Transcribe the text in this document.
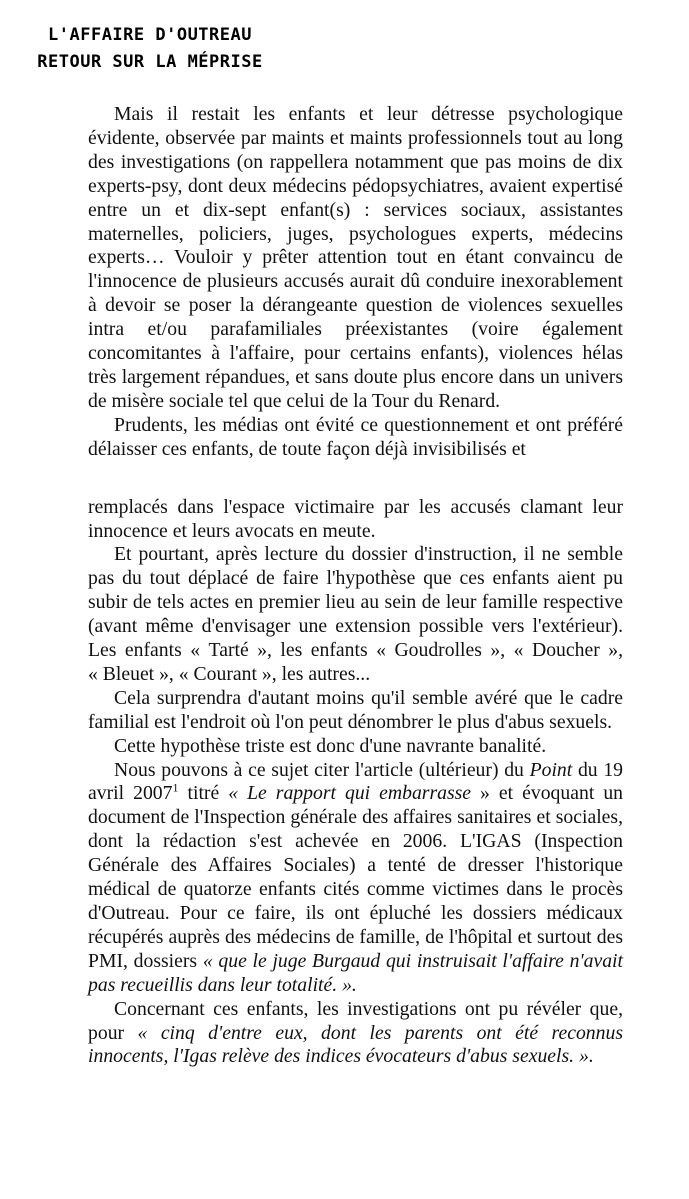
L'AFFAIRE D'OUTREAU
RETOUR SUR LA MÉPRISE

Mais il restait les enfants et leur détresse psychologique évidente, observée par maints et maints professionnels tout au long des investigations (on rappellera notamment que pas moins de dix experts-psy, dont deux médecins pédopsychiatres, avaient expertisé entre un et dix-sept enfant(s) : services sociaux, assistantes maternelles, policiers, juges, psychologues experts, médecins experts… Vouloir y prêter attention tout en étant convaincu de l'innocence de plusieurs accusés aurait dû conduire inexorablement à devoir se poser la dérangeante question de violences sexuelles intra et/ou parafamiliales préexistantes (voire également concomitantes à l'affaire, pour certains enfants), violences hélas très largement répandues, et sans doute plus encore dans un univers de misère sociale tel que celui de la Tour du Renard.

Prudents, les médias ont évité ce questionnement et ont préféré délaisser ces enfants, de toute façon déjà invisibilisés et

remplacés dans l'espace victimaire par les accusés clamant leur innocence et leurs avocats en meute.

Et pourtant, après lecture du dossier d'instruction, il ne semble pas du tout déplacé de faire l'hypothèse que ces enfants aient pu subir de tels actes en premier lieu au sein de leur famille respective (avant même d'envisager une extension possible vers l'extérieur). Les enfants « Tarté », les enfants « Goudrolles », « Doucher », « Bleuet », « Courant », les autres...

Cela surprendra d'autant moins qu'il semble avéré que le cadre familial est l'endroit où l'on peut dénombrer le plus d'abus sexuels.

Cette hypothèse triste est donc d'une navrante banalité.

Nous pouvons à ce sujet citer l'article (ultérieur) du Point du 19 avril 2007$^1$ titré « Le rapport qui embarrasse » et évoquant un document de l'Inspection générale des affaires sanitaires et sociales, dont la rédaction s'est achevée en 2006. L'IGAS (Inspection Générale des Affaires Sociales) a tenté de dresser l'historique médical de quatorze enfants cités comme victimes dans le procès d'Outreau. Pour ce faire, ils ont épluché les dossiers médicaux récupérés auprès des médecins de famille, de l'hôpital et surtout des PMI, dossiers « que le juge Burgaud qui instruisait l'affaire n'avait pas recueillis dans leur totalité. ».

Concernant ces enfants, les investigations ont pu révéler que, pour « cinq d'entre eux, dont les parents ont été reconnus innocents, l'Igas relève des indices évocateurs d'abus sexuels. ».
